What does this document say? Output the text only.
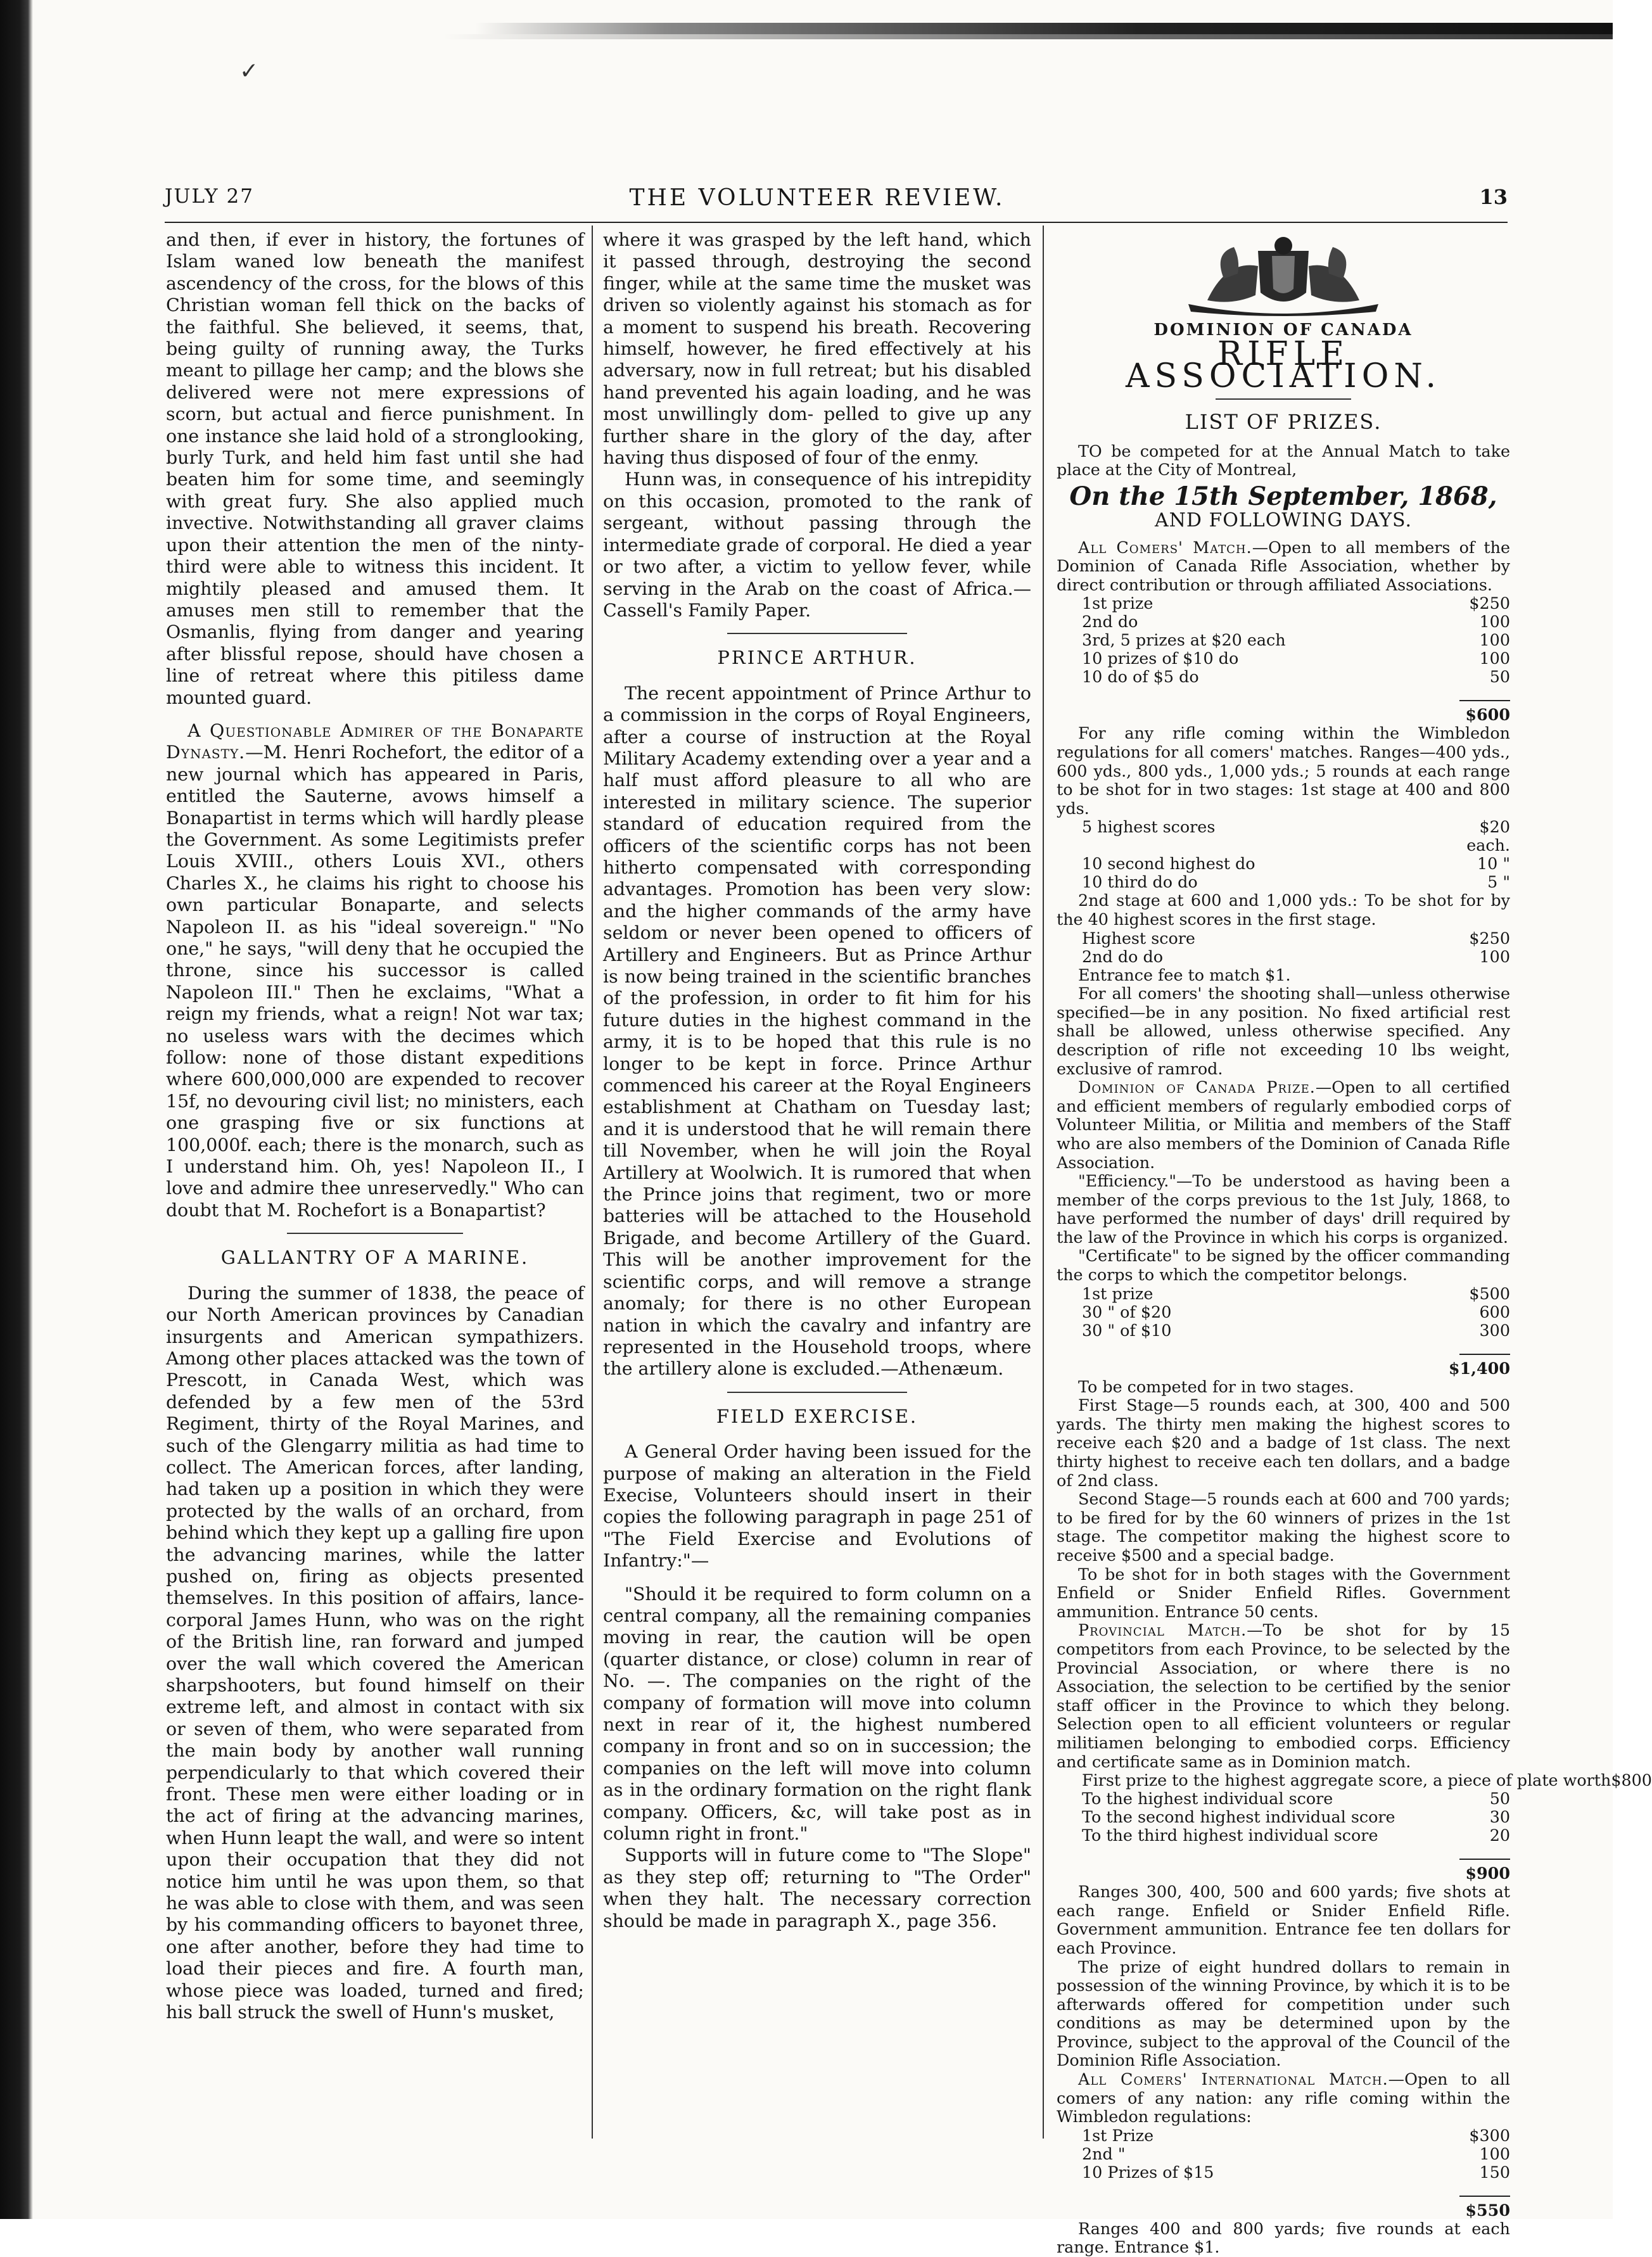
✓
JULY 27	THE VOLUNTEER REVIEW.	13

and then, if ever in history, the fortunes of Islam waned low beneath the manifest ascendency of the cross, for the blows of this Christian woman fell thick on the backs of the faithful. She believed, it seems, that, being guilty of running away, the Turks meant to pillage her camp; and the blows she delivered were not mere expressions of scorn, but actual and fierce punishment. In one instance she laid hold of a stronglooking, burly Turk, and held him fast until she had beaten him for some time, and seemingly with great fury. She also applied much invective. Notwithstanding all graver claims upon their attention the men of the ninty-third were able to witness this incident. It mightily pleased and amused them. It amuses men still to remember that the Osmanlis, flying from danger and yearing after blissful repose, should have chosen a line of retreat where this pitiless dame mounted guard.

A Questionable Admirer of the Bonaparte Dynasty.—M. Henri Rochefort, the editor of a new journal which has appeared in Paris, entitled the Sauterne, avows himself a Bonapartist in terms which will hardly please the Government. As some Legitimists prefer Louis XVIII., others Louis XVI., others Charles X., he claims his right to choose his own particular Bonaparte, and selects Napoleon II. as his "ideal sovereign." "No one," he says, "will deny that he occupied the throne, since his successor is called Napoleon III." Then he exclaims, "What a reign my friends, what a reign! Not war tax; no useless wars with the decimes which follow: none of those distant expeditions where 600,000,000 are expended to recover 15f, no devouring civil list; no ministers, each one grasping five or six functions at 100,000f. each; there is the monarch, such as I understand him. Oh, yes! Napoleon II., I love and admire thee unreservedly." Who can doubt that M. Rochefort is a Bonapartist?

GALLANTRY OF A MARINE.

During the summer of 1838, the peace of our North American provinces by Canadian insurgents and American sympathizers. Among other places attacked was the town of Prescott, in Canada West, which was defended by a few men of the 53rd Regiment, thirty of the Royal Marines, and such of the Glengarry militia as had time to collect. The American forces, after landing, had taken up a position in which they were protected by the walls of an orchard, from behind which they kept up a galling fire upon the advancing marines, while the latter pushed on, firing as objects presented themselves. In this position of affairs, lance-corporal James Hunn, who was on the right of the British line, ran forward and jumped over the wall which covered the American sharpshooters, but found himself on their extreme left, and almost in contact with six or seven of them, who were separated from the main body by another wall running perpendicularly to that which covered their front. These men were either loading or in the act of firing at the advancing marines, when Hunn leapt the wall, and were so intent upon their occupation that they did not notice him until he was upon them, so that he was able to close with them, and was seen by his commanding officers to bayonet three, one after another, before they had time to load their pieces and fire. A fourth man, whose piece was loaded, turned and fired; his ball struck the swell of Hunn's musket,

where it was grasped by the left hand, which it passed through, destroying the second finger, while at the same time the musket was driven so violently against his stomach as for a moment to suspend his breath. Recovering himself, however, he fired effectively at his adversary, now in full retreat; but his disabled hand prevented his again loading, and he was most unwillingly dom- pelled to give up any further share in the glory of the day, after having thus disposed of four of the enmy.

Hunn was, in consequence of his intrepidity on this occasion, promoted to the rank of sergeant, without passing through the intermediate grade of corporal. He died a year or two after, a victim to yellow fever, while serving in the Arab on the coast of Africa.—Cassell's Family Paper.

PRINCE ARTHUR.

The recent appointment of Prince Arthur to a commission in the corps of Royal Engineers, after a course of instruction at the Royal Military Academy extending over a year and a half must afford pleasure to all who are interested in military science. The superior standard of education required from the officers of the scientific corps has not been hitherto compensated with corresponding advantages. Promotion has been very slow: and the higher commands of the army have seldom or never been opened to officers of Artillery and Engineers. But as Prince Arthur is now being trained in the scientific branches of the profession, in order to fit him for his future duties in the highest command in the army, it is to be hoped that this rule is no longer to be kept in force. Prince Arthur commenced his career at the Royal Engineers establishment at Chatham on Tuesday last; and it is understood that he will remain there till November, when he will join the Royal Artillery at Woolwich. It is rumored that when the Prince joins that regiment, two or more batteries will be attached to the Household Brigade, and become Artillery of the Guard. This will be another improvement for the scientific corps, and will remove a strange anomaly; for there is no other European nation in which the cavalry and infantry are represented in the Household troops, where the artillery alone is excluded.—Athenæum.

FIELD EXERCISE.

A General Order having been issued for the purpose of making an alteration in the Field Execise, Volunteers should insert in their copies the following paragraph in page 251 of "The Field Exercise and Evolutions of Infantry:"—

"Should it be required to form column on a central company, all the remaining companies moving in rear, the caution will be open (quarter distance, or close) column in rear of No. —. The companies on the right of the company of formation will move into column next in rear of it, the highest numbered company in front and so on in succession; the companies on the left will move into column as in the ordinary formation on the right flank company. Officers, &c, will take post as in column right in front."

Supports will in future come to "The Slope" as they step off; returning to "The Order" when they halt. The necessary correction should be made in paragraph X., page 356.

DOMINION OF CANADA
RIFLE ASSOCIATION.
LIST OF PRIZES.

TO be competed for at the Annual Match to take place at the City of Montreal,

On the 15th September, 1868,
AND FOLLOWING DAYS.

All Comers' Match.—Open to all members of the Dominion of Canada Rifle Association, whether by direct contribution or through affiliated Associations.

1st prize	$250
2nd do	100
3rd, 5 prizes at $20 each	100
10 prizes of $10 do	100
10 do of $5 do	50

$600

For any rifle coming within the Wimbledon regulations for all comers' matches. Ranges—400 yds., 600 yds., 800 yds., 1,000 yds.; 5 rounds at each range to be shot for in two stages: 1st stage at 400 and 800 yds.

5 highest scores	$20 each.
10 second highest do	10 "
10 third do do	5 "

2nd stage at 600 and 1,000 yds.: To be shot for by the 40 highest scores in the first stage.

Highest score	$250
2nd do do	100

Entrance fee to match $1.

For all comers' the shooting shall—unless otherwise specified—be in any position. No fixed artificial rest shall be allowed, unless otherwise specified. Any description of rifle not exceeding 10 lbs weight, exclusive of ramrod.

Dominion of Canada Prize.—Open to all certified and efficient members of regularly embodied corps of Volunteer Militia, or Militia and members of the Staff who are also members of the Dominion of Canada Rifle Association.

"Efficiency."—To be understood as having been a member of the corps previous to the 1st July, 1868, to have performed the number of days' drill required by the law of the Province in which his corps is organized.

"Certificate" to be signed by the officer commanding the corps to which the competitor belongs.

1st prize	$500
30 " of $20	600
30 " of $10	300

$1,400

To be competed for in two stages.

First Stage—5 rounds each, at 300, 400 and 500 yards. The thirty men making the highest scores to receive each $20 and a badge of 1st class. The next thirty highest to receive each ten dollars, and a badge of 2nd class.

Second Stage—5 rounds each at 600 and 700 yards; to be fired for by the 60 winners of prizes in the 1st stage. The competitor making the highest score to receive $500 and a special badge.

To be shot for in both stages with the Government Enfield or Snider Enfield Rifles. Government ammunition. Entrance 50 cents.

Provincial Match.—To be shot for by 15 competitors from each Province, to be selected by the Provincial Association, or where there is no Association, the selection to be certified by the senior staff officer in the Province to which they belong. Selection open to all efficient volunteers or regular militiamen belonging to embodied corps. Efficiency and certificate same as in Dominion match.

First prize to the highest aggregate score, a piece of plate worth $800
To the highest individual score	50
To the second highest individual score	30
To the third highest individual score	20

$900

Ranges 300, 400, 500 and 600 yards; five shots at each range. Enfield or Snider Enfield Rifle. Government ammunition. Entrance fee ten dollars for each Province.

The prize of eight hundred dollars to remain in possession of the winning Province, by which it is to be afterwards offered for competition under such conditions as may be determined upon by the Province, subject to the approval of the Council of the Dominion Rifle Association.

All Comers' International Match.—Open to all comers of any nation: any rifle coming within the Wimbledon regulations:

1st Prize	$300
2nd "	100
10 Prizes of $15	150

$550

Ranges 400 and 800 yards; five rounds at each range. Entrance $1.
